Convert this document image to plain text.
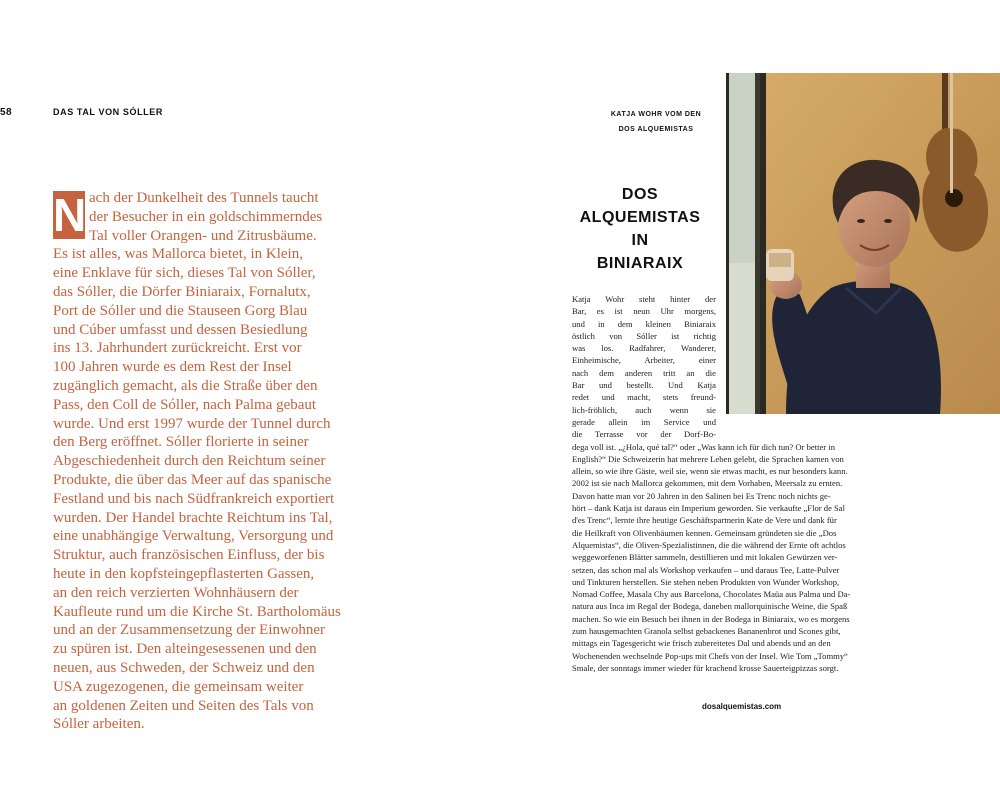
58	DAS TAL VON SÓLLER
N ach der Dunkelheit des Tunnels taucht
der Besucher in ein goldschimmerndes
Tal voller Orangen- und Zitrusbäume.
Es ist alles, was Mallorca bietet, in Klein,
eine Enklave für sich, dieses Tal von Sóller,
das Sóller, die Dörfer Biniaraix, Fornalutx,
Port de Sóller und die Stauseen Gorg Blau
und Cúber umfasst und dessen Besiedlung
ins 13. Jahrhundert zurückreicht. Erst vor
100 Jahren wurde es dem Rest der Insel
zugänglich gemacht, als die Straße über den
Pass, den Coll de Sóller, nach Palma gebaut
wurde. Und erst 1997 wurde der Tunnel durch
den Berg eröffnet. Sóller florierte in seiner
Abgeschiedenheit durch den Reichtum seiner
Produkte, die über das Meer auf das spanische
Festland und bis nach Südfrankreich exportiert
wurden. Der Handel brachte Reichtum ins Tal,
eine unabhängige Verwaltung, Versorgung und
Struktur, auch französischen Einfluss, der bis
heute in den kopfsteingepflasterten Gassen,
an den reich verzierten Wohnhäusern der
Kaufleute rund um die Kirche St. Bartholomäus
und an der Zusammensetzung der Einwohner
zu spüren ist. Den alteingesessenen und den
neuen, aus Schweden, der Schweiz und den
USA zugezogenen, die gemeinsam weiter
an goldenen Zeiten und Seiten des Tals von
Sóller arbeiten.
KATJA WOHR VOM DEN
DOS ALQUEMISTAS
DOS
ALQUEMISTAS
IN
BINIARAIX
Katja Wohr steht hinter der
Bar, es ist neun Uhr morgens,
und in dem kleinen Biniaraix
östlich von Sóller ist richtig
was los. Radfahrer, Wanderer,
Einheimische, Arbeiter, einer
nach dem anderen tritt an die
Bar und bestellt. Und Katja
redet und macht, stets freund-
lich-fröhlich, auch wenn sie
gerade allein im Service und
die Terrasse vor der Dorf-Bo-
dega voll ist. „¿Hola, qué tal?“ oder „Was kann ich für dich tun? Or better in
English?“ Die Schweizerin hat mehrere Leben gelebt, die Sprachen kamen von
allein, so wie ihre Gäste, weil sie, wenn sie etwas macht, es nur besonders kann.
2002 ist sie nach Mallorca gekommen, mit dem Vorhaben, Meersalz zu ernten.
Davon hatte man vor 20 Jahren in den Salinen bei Es Trenc noch nichts ge-
hört – dank Katja ist daraus ein Imperium geworden. Sie verkaufte „Flor de Sal
d'es Trenc“, lernte ihre heutige Geschäftspartnerin Kate de Vere und dank für
die Heilkraft von Olivenbäumen kennen. Gemeinsam gründeten sie die „Dos
Alquemistas“, die Oliven-Spezialistinnen, die die während der Ernte oft achtlos
weggeworfenen Blätter sammeln, destillieren und mit lokalen Gewürzen ver-
setzen, das schon mal als Workshop verkaufen – und daraus Tee, Latte-Pulver
und Tinkturen herstellen. Sie stehen neben Produkten von Wunder Workshop,
Nomad Coffee, Masala Chy aus Barcelona, Chocolates Maüa aus Palma und Da-
natura aus Inca im Regal der Bodega, daneben mallorquinische Weine, die Spaß
machen. So wie ein Besuch bei ihnen in der Bodega in Biniaraix, wo es morgens
zum hausgemachten Granola selbst gebackenes Bananenbrot und Scones gibt,
mittags ein Tagesgericht wie frisch zubereitetes Dal und abends und an den
Wochenenden wechselnde Pop-ups mit Chefs von der Insel. Wie Tom „Tommy“
Smale, der sonntags immer wieder für krachend krosse Sauerteigpizzas sorgt.
dosalquemistas.com
